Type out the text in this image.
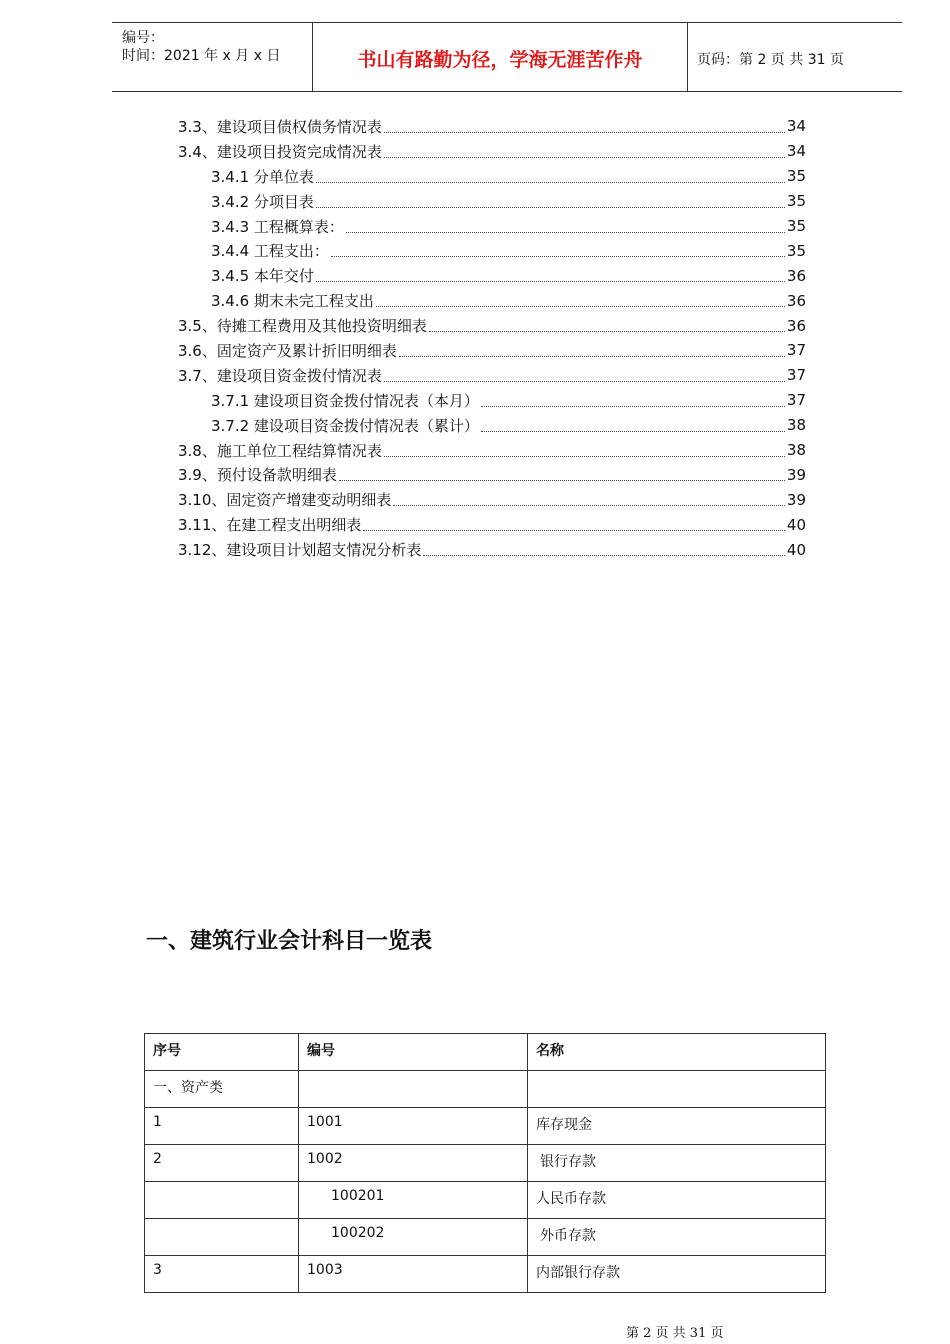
编号：
时间：2021 年 x 月 x 日	书山有路勤为径，学海无涯苦作舟	页码：第 2 页 共 31 页
3.3、建设项目债权债务情况表	34
3.4、建设项目投资完成情况表	34
3.4.1 分单位表	35
3.4.2 分项目表	35
3.4.3 工程概算表：	35
3.4.4 工程支出：	35
3.4.5 本年交付	36
3.4.6 期末未完工程支出	36
3.5、待摊工程费用及其他投资明细表	36
3.6、固定资产及累计折旧明细表	37
3.7、建设项目资金拨付情况表	37
3.7.1 建设项目资金拨付情况表（本月）	37
3.7.2 建设项目资金拨付情况表（累计）	38
3.8、施工单位工程结算情况表	38
3.9、预付设备款明细表	39
3.10、固定资产增建变动明细表	39
3.11、在建工程支出明细表	40
3.12、建设项目计划超支情况分析表	40
一、建筑行业会计科目一览表
序号	编号	名称
一、资产类		
1	1001	库存现金
2	1002	银行存款
	100201	人民币存款
	100202	外币存款
3	1003	内部银行存款
第 2 页 共 31 页
